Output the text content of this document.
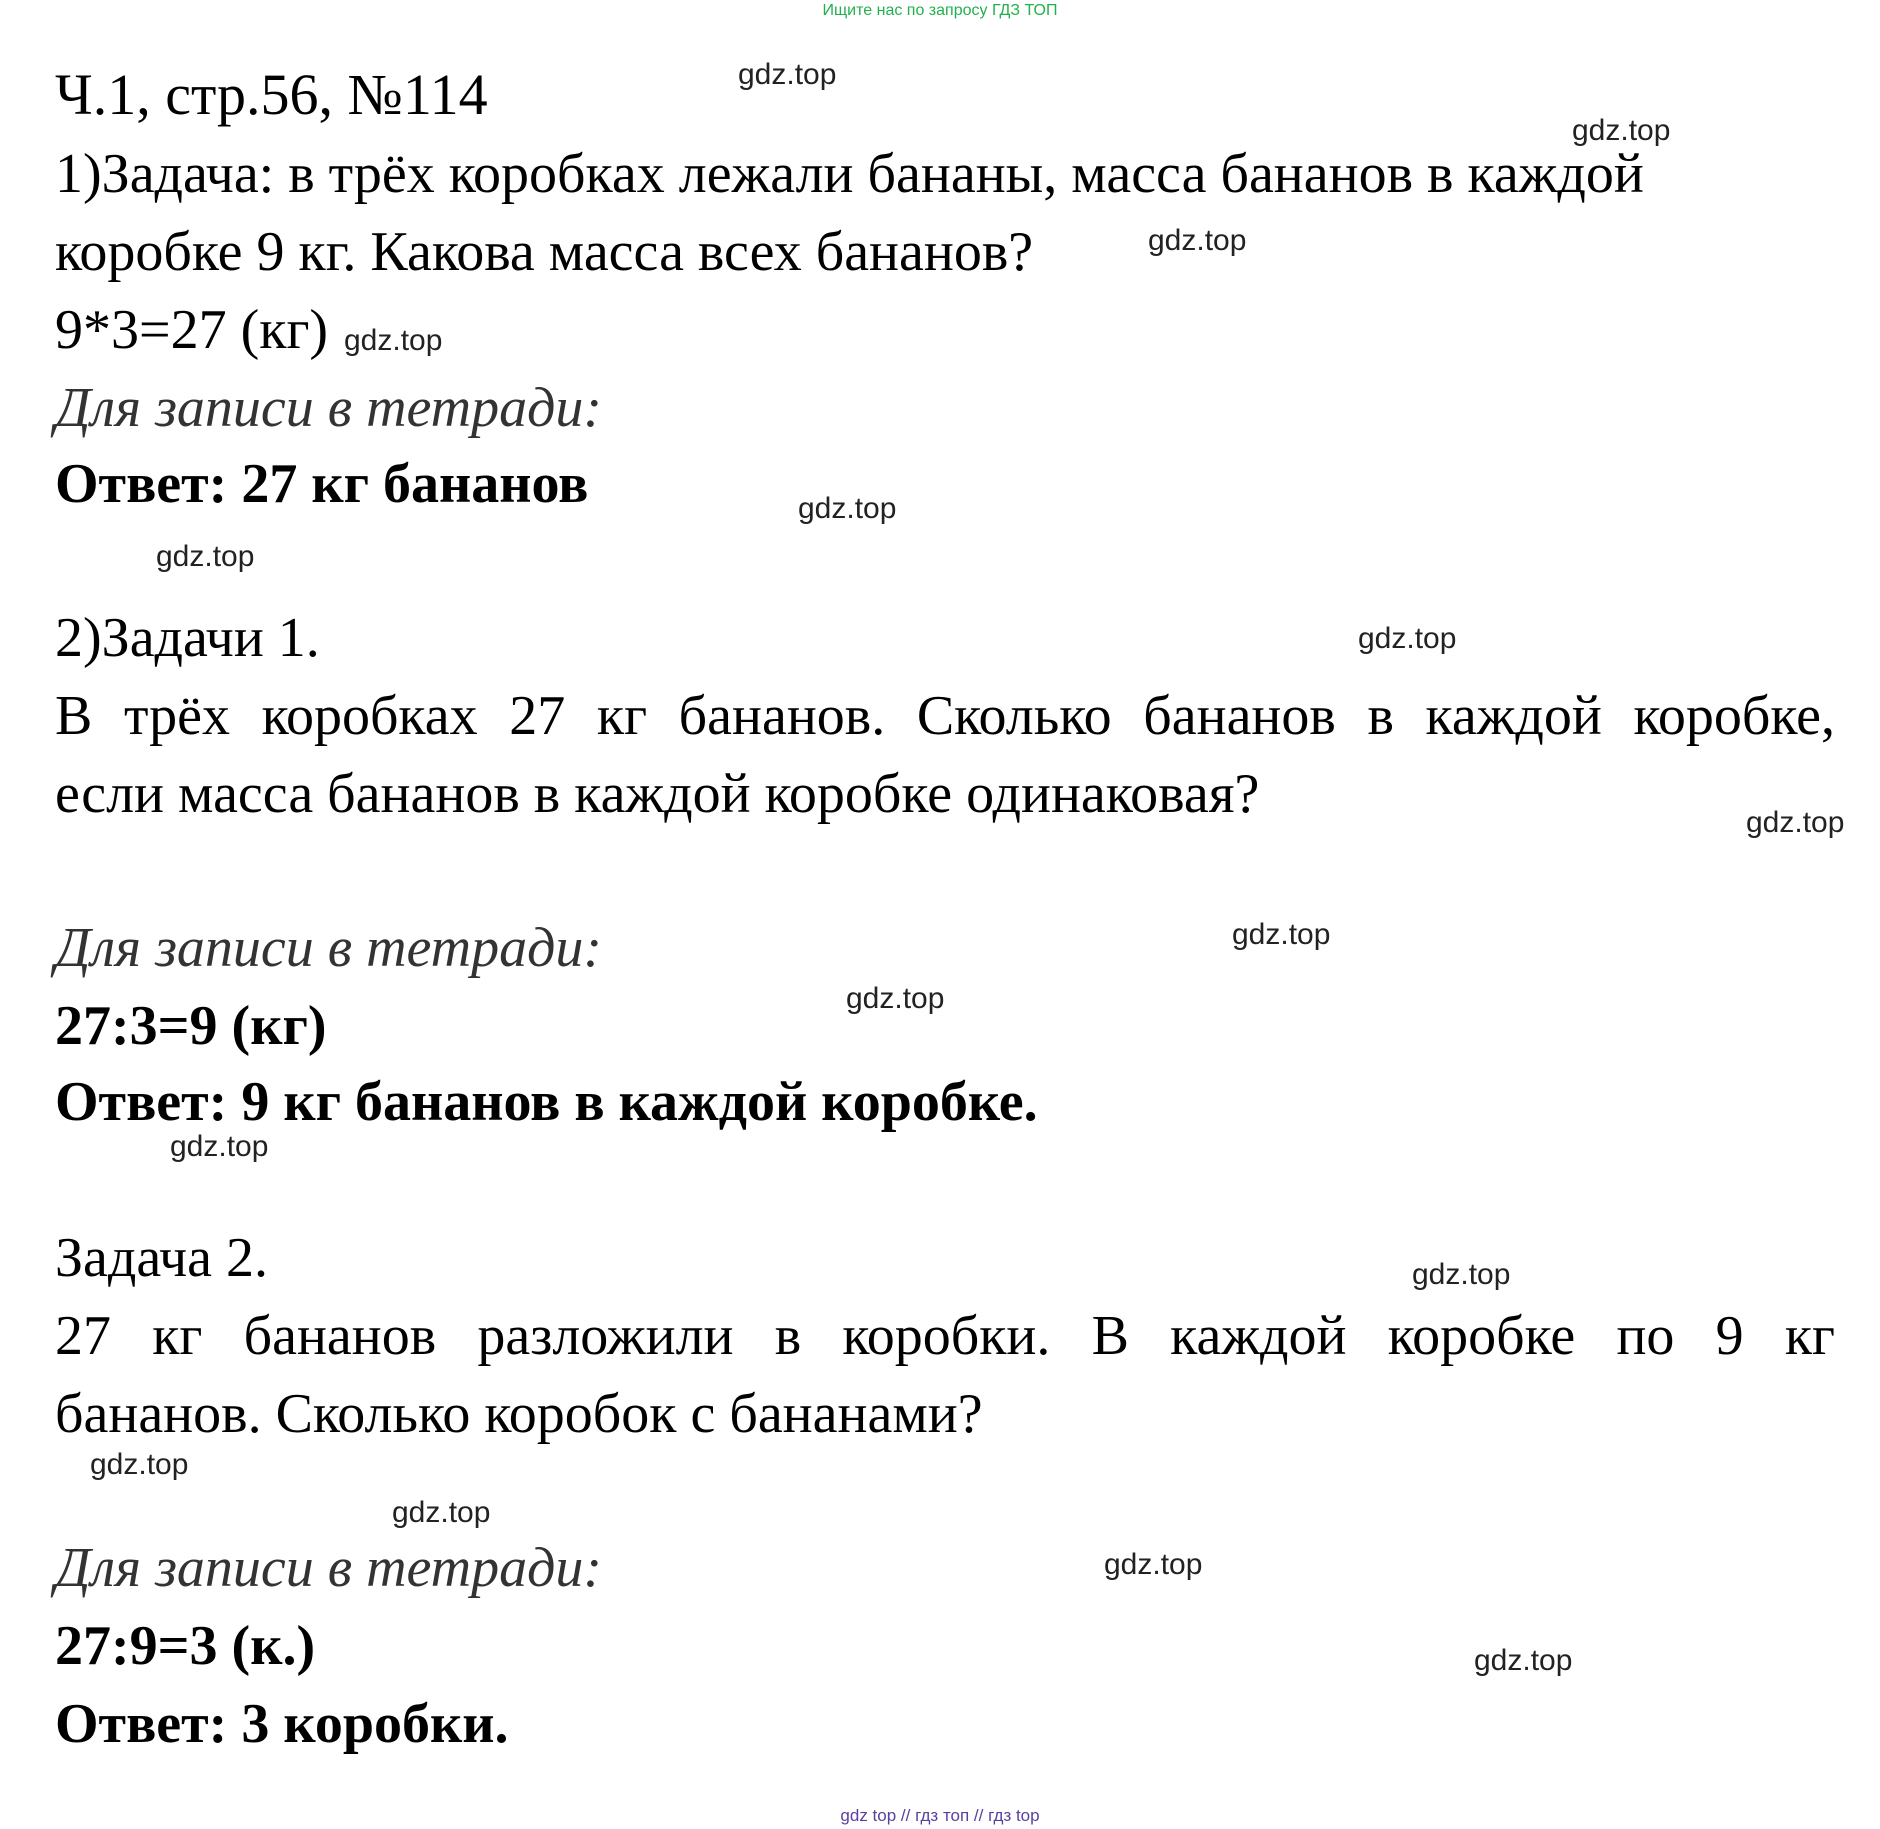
Ищите нас по запросу ГДЗ ТОП
Ч.1, стр.56, №114
1)Задача: в трёх коробках лежали бананы, масса бананов в каждой
коробке 9 кг. Какова масса всех бананов?
9*3=27 (кг)
Для записи в тетради:
Ответ: 27 кг бананов
2)Задачи 1.
В трёх коробках 27 кг бананов. Сколько бананов в каждой коробке,
если масса бананов в каждой коробке одинаковая?
Для записи в тетради:
27:3=9 (кг)
Ответ: 9 кг бананов в каждой коробке.
Задача 2.
27 кг бананов разложили в коробки. В каждой коробке по 9 кг
бананов. Сколько коробок с бананами?
Для записи в тетради:
27:9=3 (к.)
Ответ: 3 коробки.
gdz.top
gdz.top
gdz.top
gdz.top
gdz.top
gdz.top
gdz.top
gdz.top
gdz.top
gdz.top
gdz.top
gdz.top
gdz.top
gdz.top
gdz.top
gdz.top
gdz top // гдз топ // гдз top
